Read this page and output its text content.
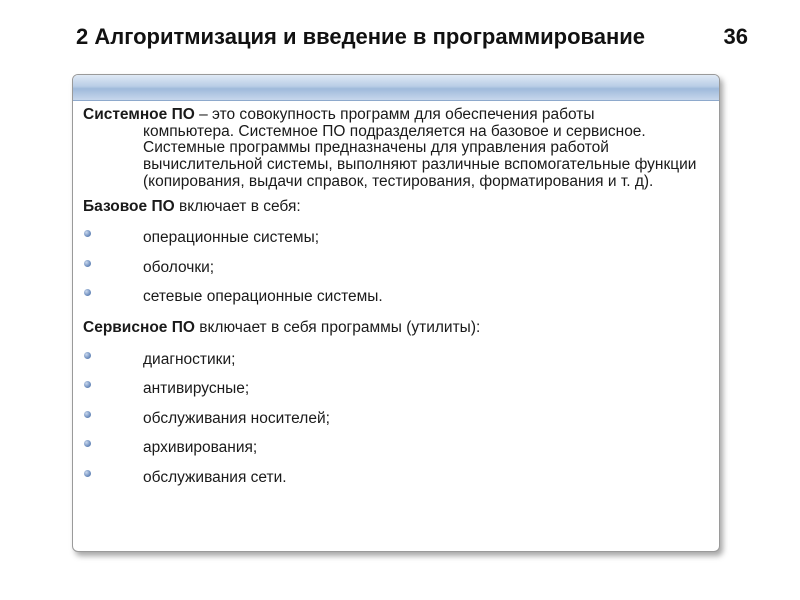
2 Алгоритмизация и введение в программирование	36

Системное ПО – это совокупность программ для обеспечения работы
компьютера. Системное ПО подразделяется на базовое и сервисное. Системные программы предназначены для управления работой вычислительной системы, выполняют различные вспомогательные функции (копирования, выдачи справок, тестирования, форматирования и т. д).

Базовое ПО включает в себя:

операционные системы;
оболочки;
сетевые операционные системы.

Сервисное ПО включает в себя программы (утилиты):

диагностики;
антивирусные;
обслуживания носителей;
архивирования;
обслуживания сети.
